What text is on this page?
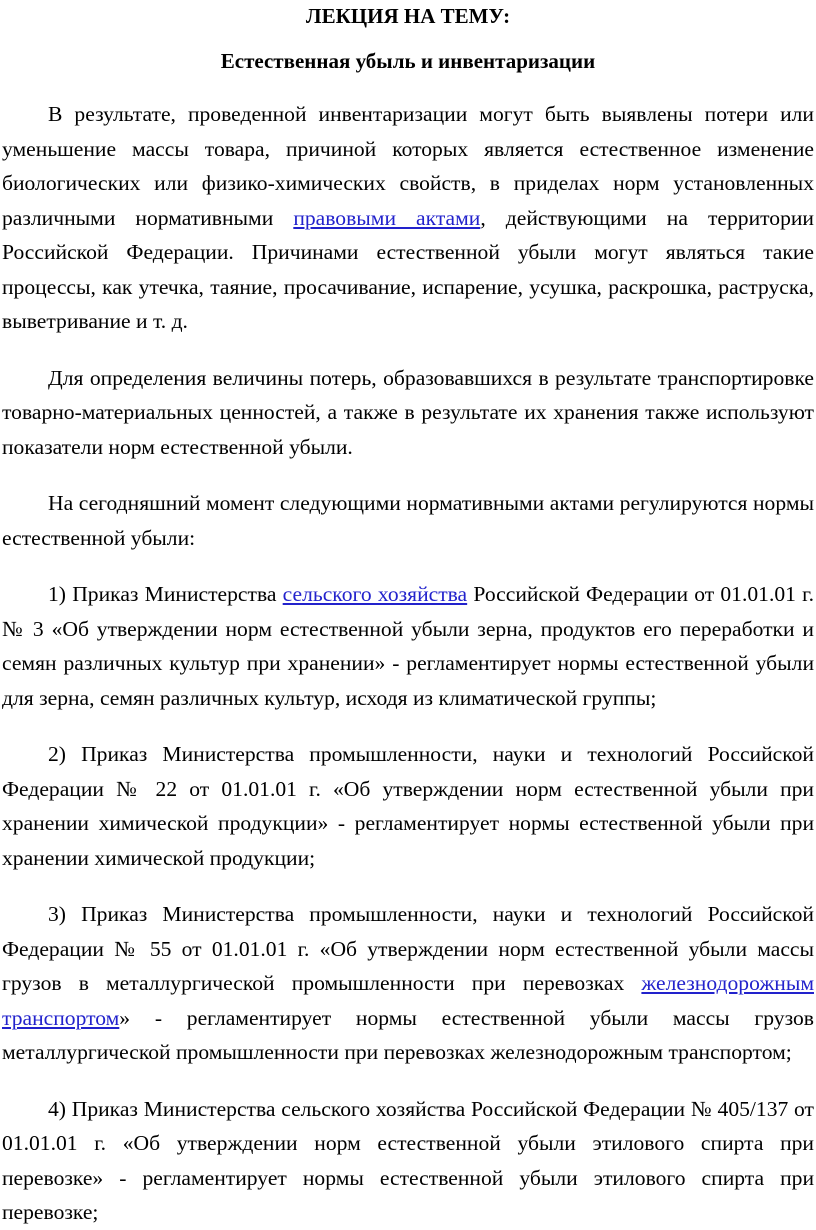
ЛЕКЦИЯ НА ТЕМУ:

Естественная убыль и инвентаризации

В результате, проведенной инвентаризации могут быть выявлены потери или уменьшение массы товара, причиной которых является естественное изменение биологических или физико-химических свойств, в приделах норм установленных различными нормативными правовыми актами, действующими на территории Российской Федерации. Причинами естественной убыли могут являться такие процессы, как утечка, таяние, просачивание, испарение, усушка, раскрошка, раструска, выветривание и т. д.

Для определения величины потерь, образовавшихся в результате транспортировке товарно-материальных ценностей, а также в результате их хранения также используют показатели норм естественной убыли.

На сегодняшний момент следующими нормативными актами регулируются нормы естественной убыли:

1) Приказ Министерства сельского хозяйства Российской Федерации от 01.01.01 г. № 3 «Об утверждении норм естественной убыли зерна, продуктов его переработки и семян различных культур при хранении» - регламентирует нормы естественной убыли для зерна, семян различных культур, исходя из климатической группы;

2) Приказ Министерства промышленности, науки и технологий Российской Федерации № 22 от 01.01.01 г. «Об утверждении норм естественной убыли при хранении химической продукции» - регламентирует нормы естественной убыли при хранении химической продукции;

3) Приказ Министерства промышленности, науки и технологий Российской Федерации № 55 от 01.01.01 г. «Об утверждении норм естественной убыли массы грузов в металлургической промышленности при перевозках железнодорожным транспортом» - регламентирует нормы естественной убыли массы грузов металлургической промышленности при перевозках железнодорожным транспортом;

4) Приказ Министерства сельского хозяйства Российской Федерации № 405/137 от 01.01.01 г. «Об утверждении норм естественной убыли этилового спирта при перевозке» - регламентирует нормы естественной убыли этилового спирта при перевозке;
